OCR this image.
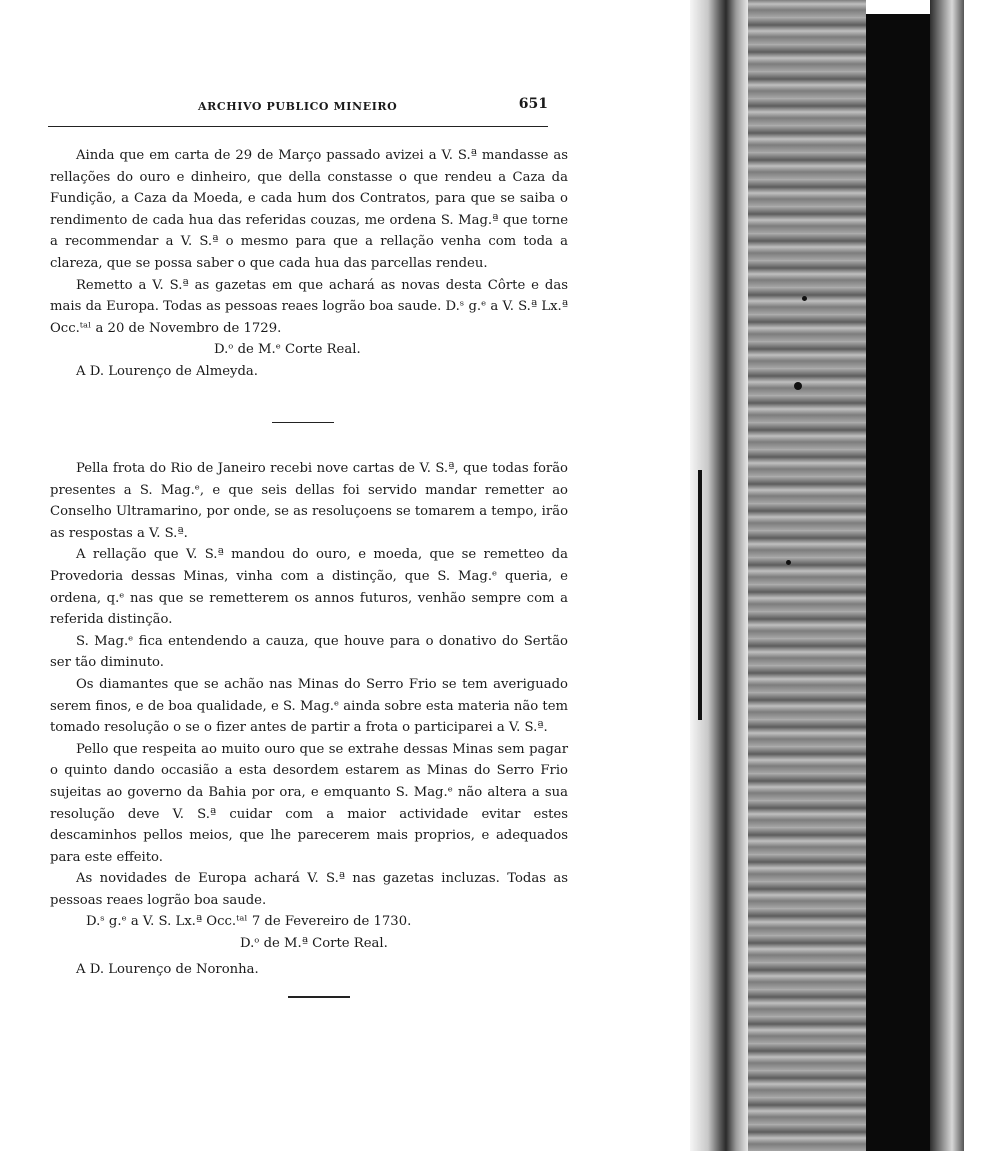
ARCHIVO PUBLICO MINEIRO	651

Ainda que em carta de 29 de Março passado avizei a V. S.ª mandasse as rellações do ouro e dinheiro, que della constasse o que rendeu a Caza da Fundição, a Caza da Moeda, e cada hum dos Contratos, para que se saiba o rendimento de cada hua das referidas couzas, me ordena S. Mag.ª que torne a recommendar a V. S.ª o mesmo para que a rellação venha com toda a clareza, que se possa saber o que cada hua das parcellas rendeu.

Remetto a V. S.ª as gazetas em que achará as novas desta Côrte e das mais da Europa. Todas as pessoas reaes logrão boa saude. D.ˢ g.ᵉ a V. S.ª Lx.ª Occ.ᵗᵃˡ a 20 de Novembro de 1729.

D.ᵒ de M.ᵉ Corte Real.

A D. Lourenço de Almeyda.

Pella frota do Rio de Janeiro recebi nove cartas de V. S.ª, que todas forão presentes a S. Mag.ᵉ, e que seis dellas foi servido mandar remetter ao Conselho Ultramarino, por onde, se as resoluçoens se tomarem a tempo, irão as respostas a V. S.ª.

A rellação que V. S.ª mandou do ouro, e moeda, que se remetteo da Provedoria dessas Minas, vinha com a distinção, que S. Mag.ᵉ queria, e ordena, q.ᵉ nas que se remetterem os annos futuros, venhão sempre com a referida distinção.

S. Mag.ᵉ fica entendendo a cauza, que houve para o donativo do Sertão ser tão diminuto.

Os diamantes que se achão nas Minas do Serro Frio se tem averiguado serem finos, e de boa qualidade, e S. Mag.ᵉ ainda sobre esta materia não tem tomado resolução o se o fizer antes de partir a frota o participarei a V. S.ª.

Pello que respeita ao muito ouro que se extrahe dessas Minas sem pagar o quinto dando occasião a esta desordem estarem as Minas do Serro Frio sujeitas ao governo da Bahia por ora, e emquanto S. Mag.ᵉ não altera a sua resolução deve V. S.ª cuidar com a maior actividade evitar estes descaminhos pellos meios, que lhe parecerem mais proprios, e adequados para este effeito.

As novidades de Europa achará V. S.ª nas gazetas incluzas. Todas as pessoas reaes logrão boa saude.

D.ˢ g.ᵉ a V. S. Lx.ª Occ.ᵗᵃˡ 7 de Fevereiro de 1730.

D.ᵒ de M.ª Corte Real.

A D. Lourenço de Noronha.
